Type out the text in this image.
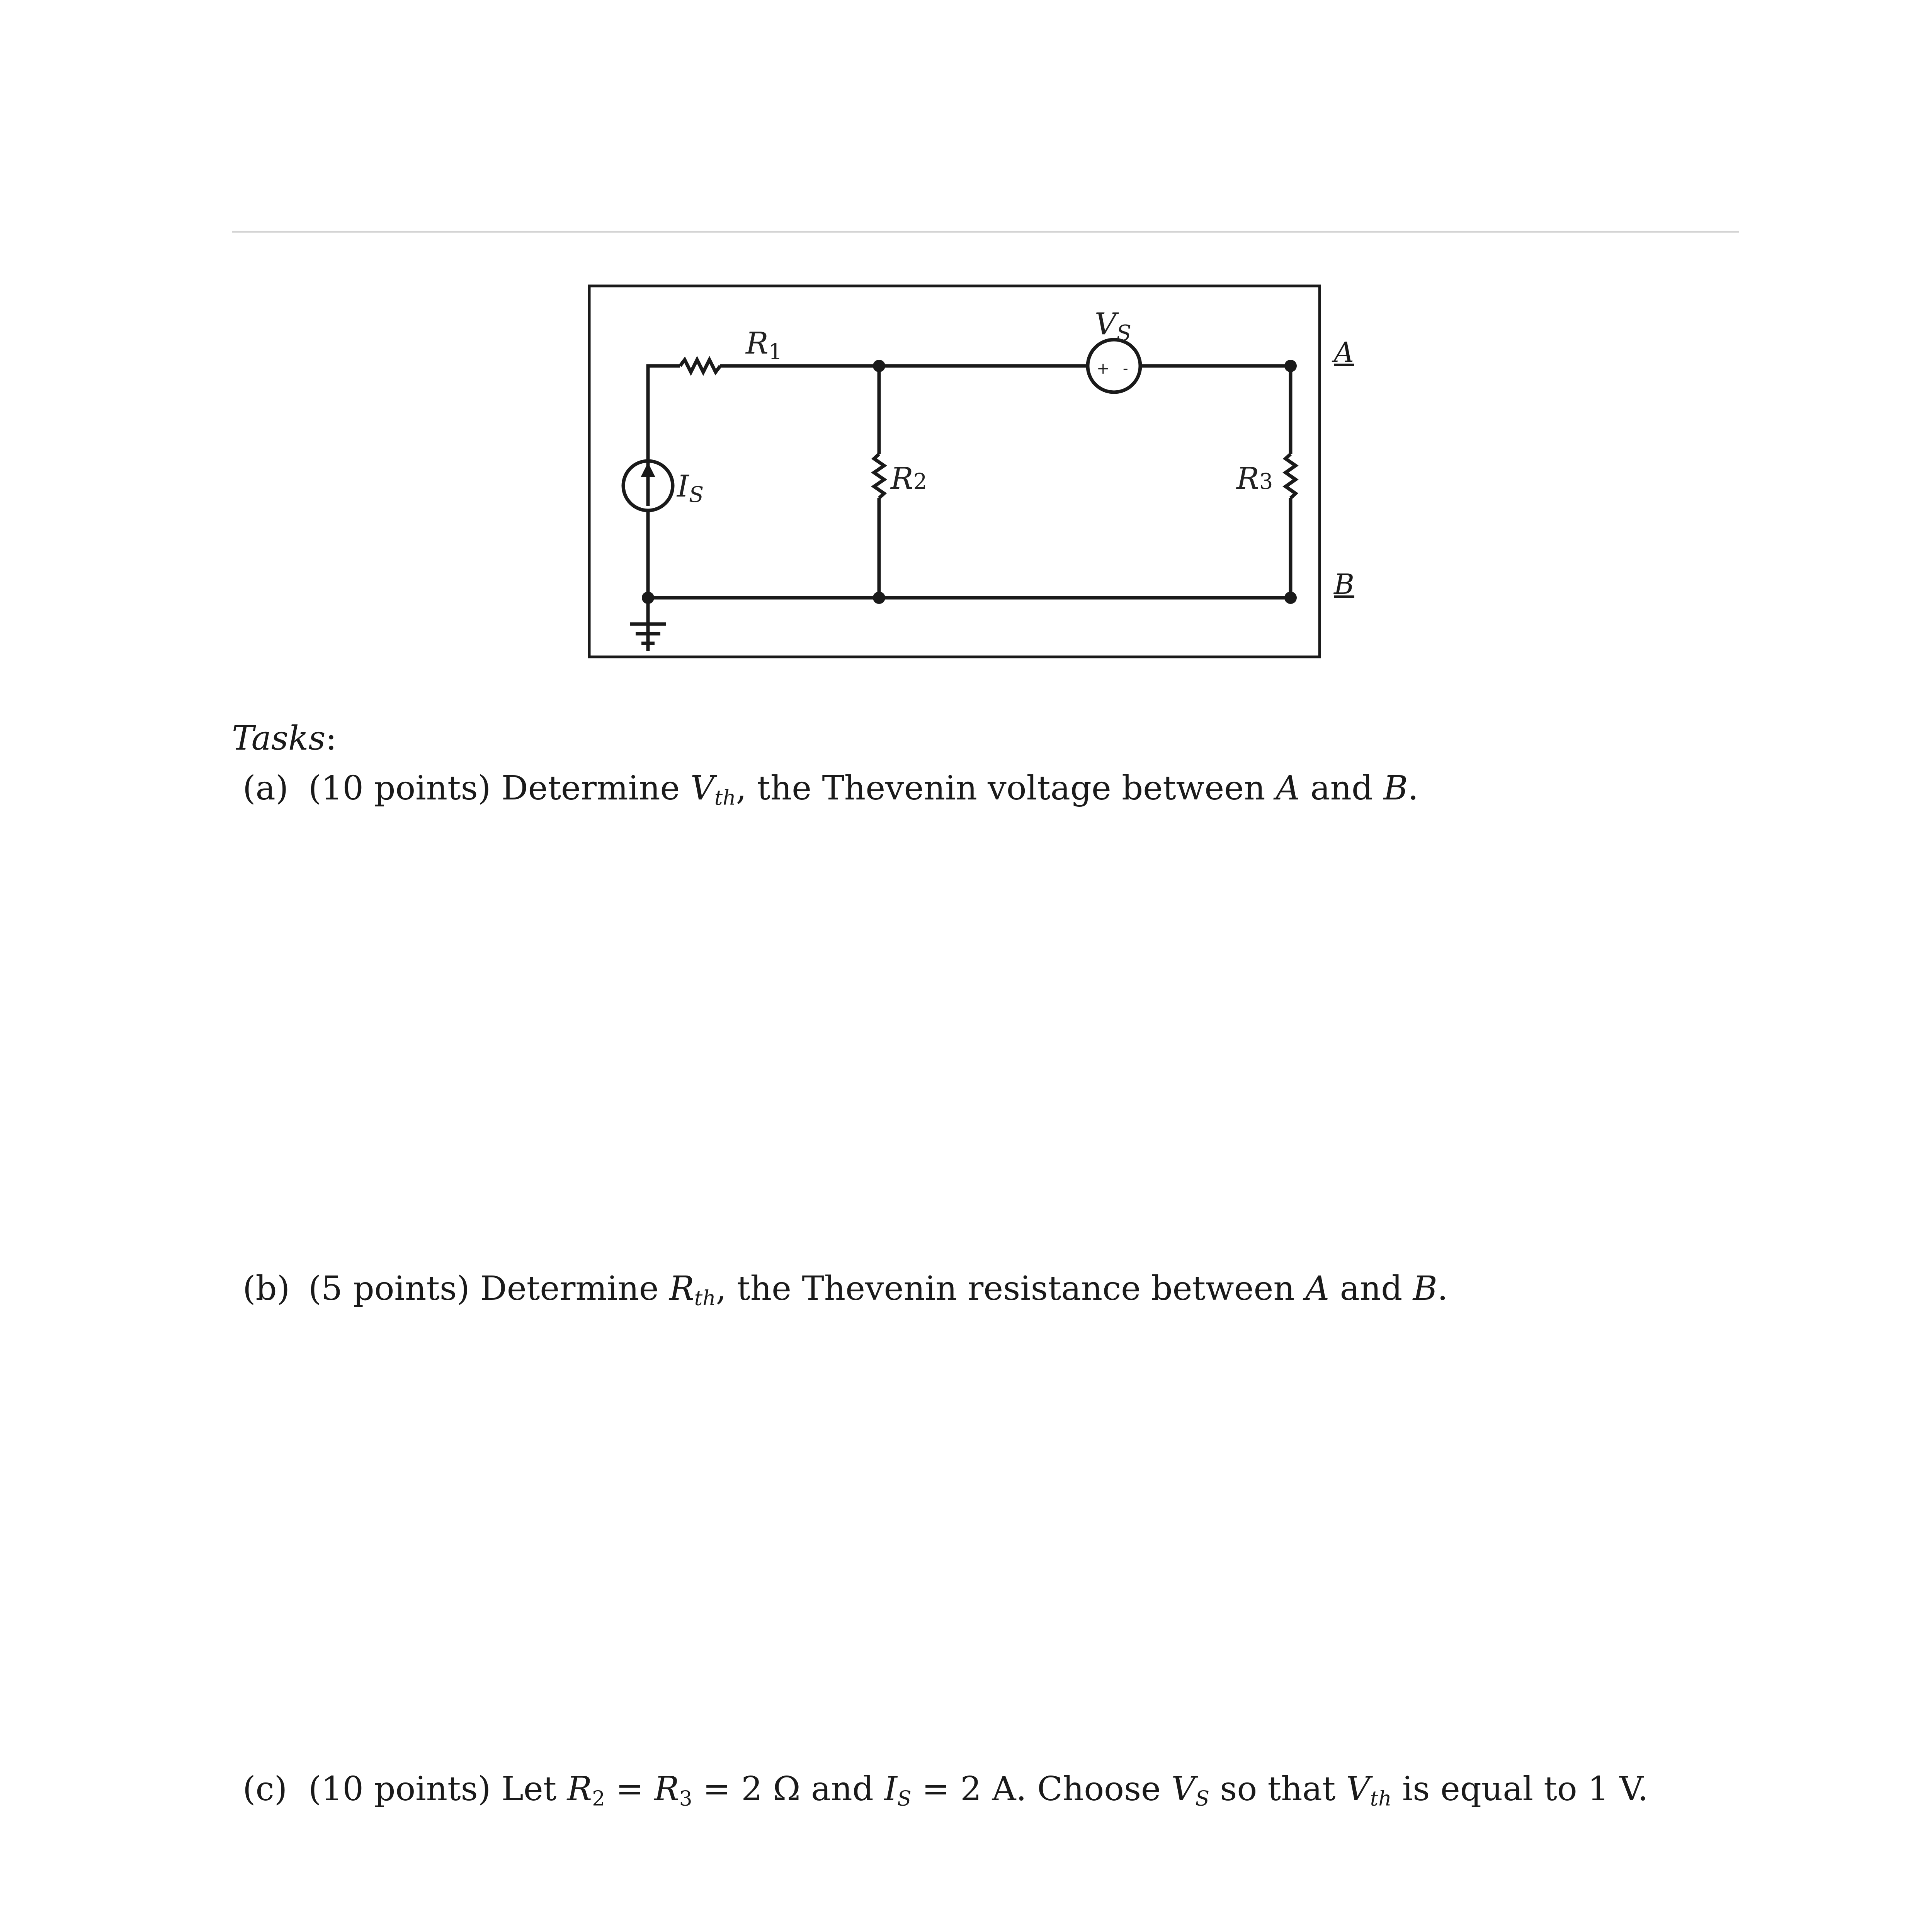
R1
$V_S$
+ -
IS	R2	R3
A
B
Tasks:
(a) (10 points) Determine $V_{th}$, the Thevenin voltage between A and B.
(b) (5 points) Determine $R_{th}$, the Thevenin resistance between A and B.
(c) (10 points) Let $R_2 = R_3 = 2$ Ω and $I_S = 2$ A. Choose $V_S$ so that $V_{th}$ is equal to 1 V.
